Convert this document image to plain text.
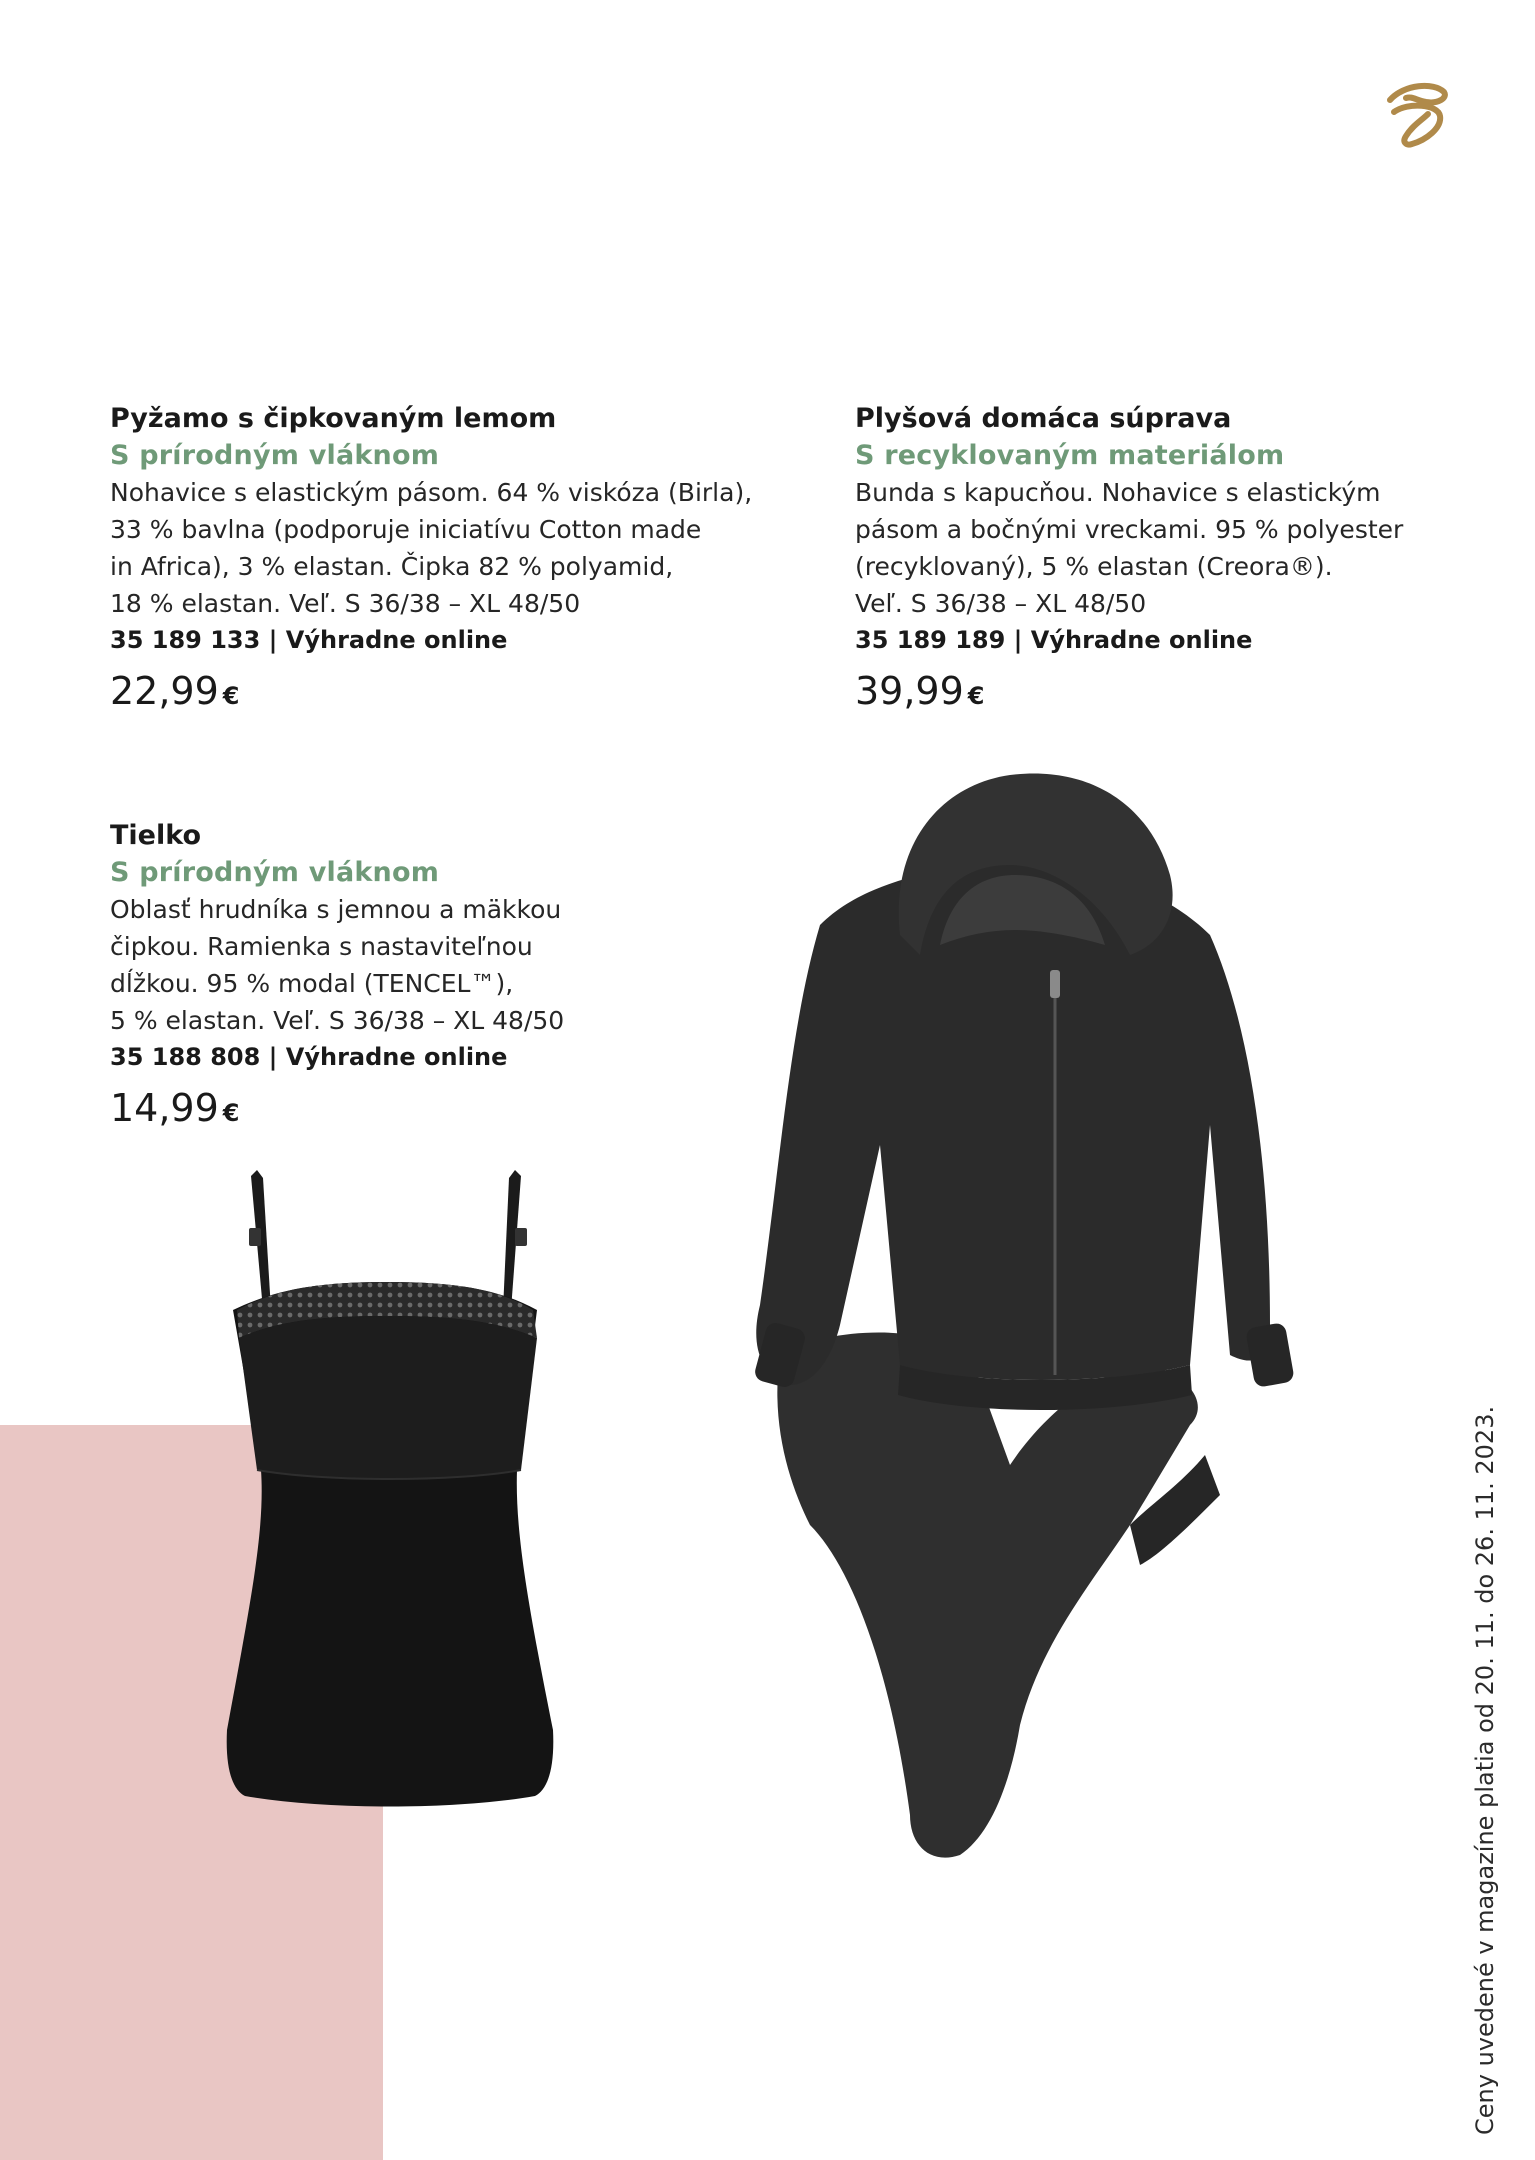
Pyžamo s čipkovaným lemom
S prírodným vláknom
Nohavice s elastickým pásom. 64 % viskóza (Birla),
33 % bavlna (podporuje iniciatívu Cotton made
in Africa), 3 % elastan. Čipka 82 % polyamid,
18 % elastan. Veľ. S 36/38 – XL 48/50
35 189 133 | Výhradne online
22,99 €
Plyšová domáca súprava
S recyklovaným materiálom
Bunda s kapucňou. Nohavice s elastickým
pásom a bočnými vreckami. 95 % polyester
(recyklovaný), 5 % elastan (Creora®).
Veľ. S 36/38 – XL 48/50
35 189 189 | Výhradne online
39,99 €
Tielko
S prírodným vláknom
Oblasť hrudníka s jemnou a mäkkou
čipkou. Ramienka s nastaviteľnou
dĺžkou. 95 % modal (TENCEL™),
5 % elastan. Veľ. S 36/38 – XL 48/50
35 188 808 | Výhradne online
14,99 €
Ceny uvedené v magazíne platia od 20. 11. do 26. 11. 2023.
